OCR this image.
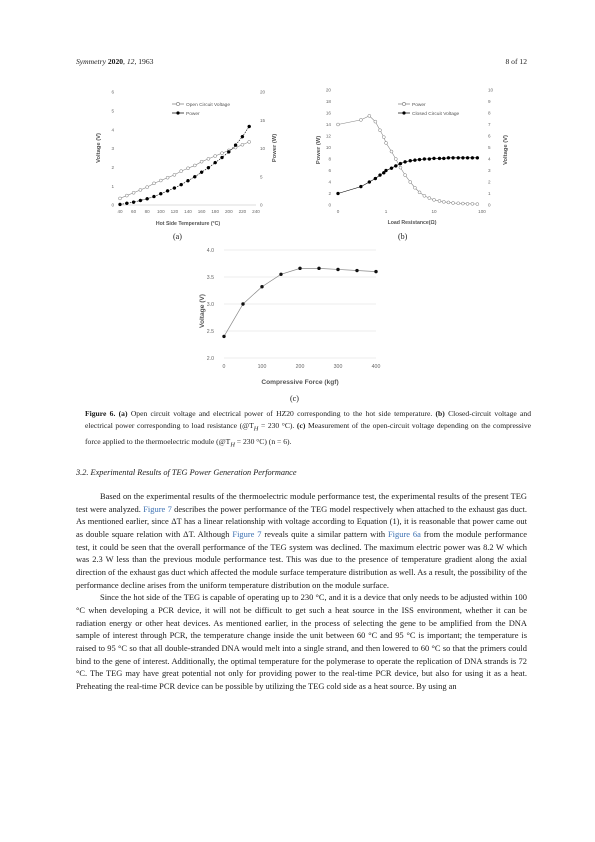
Symmetry 2020, 12, 1963	8 of 12
40 60 80 100 120 140 160 180 200 220 240
0
1
2
3
4
5
6
0
5
10
15
20
Hot Side Temperature (°C)
Voltage (V)	Power (W)
Open Circuit Voltage
Power
(a)
0	1	10	100
0
2
4
6
8
10
12
14
16
18
20
0
1
2
3
4
5
6
7
8
9
10
Load Resistance(Ω)
Power (W)	Voltage (V)
Power
Closed Circuit Voltage
(b)
0	100	200	300	400
2.0
2.5
3.0
3.5
4.0
Compressive Force (kgf)
Voltage (V)
(c)
Figure 6. (a) Open circuit voltage and electrical power of HZ20 corresponding to the hot side temperature. (b) Closed-circuit voltage and electrical power corresponding to load resistance ($@T_H = 230$ °C). (c) Measurement of the open-circuit voltage depending on the compressive force applied to the thermoelectric module ($@T_H = 230$ °C) (n = 6).
3.2. Experimental Results of TEG Power Generation Performance

Based on the experimental results of the thermoelectric module performance test, the experimental results of the present TEG test were analyzed. Figure 7 describes the power performance of the TEG model respectively when attached to the exhaust gas duct. As mentioned earlier, since ΔT has a linear relationship with voltage according to Equation (1), it is reasonable that power came out as double square relation with ΔT. Although Figure 7 reveals quite a similar pattern with Figure 6a from the module performance test, it could be seen that the overall performance of the TEG system was declined. The maximum electric power was 8.2 W which was 2.3 W less than the previous module performance test. This was due to the presence of temperature gradient along the axial direction of the exhaust gas duct which affected the module surface temperature distribution as well. As a result, the possibility of the performance decline arises from the uniform temperature distribution on the module surface.

Since the hot side of the TEG is capable of operating up to 230 °C, and it is a device that only needs to be adjusted within 100 °C when developing a PCR device, it will not be difficult to get such a heat source in the ISS environment, whether it can be radiation energy or other heat devices. As mentioned earlier, in the process of selecting the gene to be amplified from the DNA sample of interest through PCR, the temperature change inside the unit between 60 °C and 95 °C is important; the temperature is raised to 95 °C so that all double-stranded DNA would melt into a single strand, and then lowered to 60 °C so that the primers could bind to the gene of interest. Additionally, the optimal temperature for the polymerase to operate the replication of DNA strands is 72 °C. The TEG may have great potential not only for providing power to the real-time PCR device, but also for using it as a heat. Preheating the real-time PCR device can be possible by utilizing the TEG cold side as a heat source. By using an
